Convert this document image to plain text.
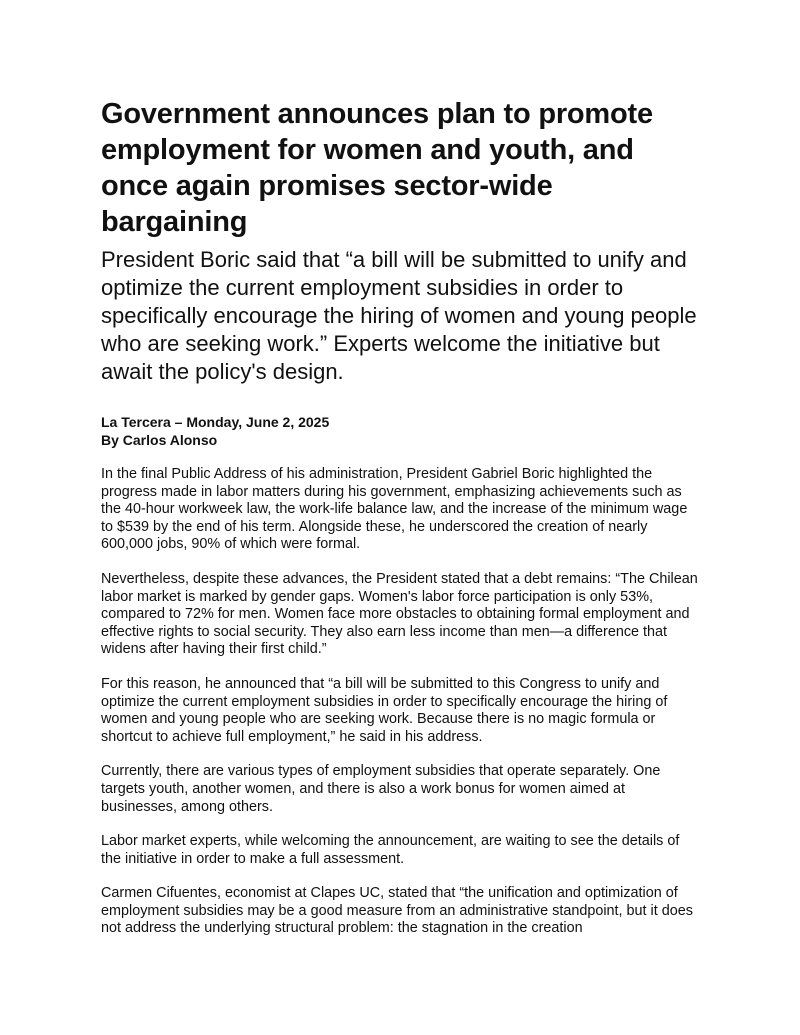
Government announces plan to promote employment for women and youth, and once again promises sector-wide bargaining
President Boric said that “a bill will be submitted to unify and optimize the current employment subsidies in order to specifically encourage the hiring of women and young people who are seeking work.” Experts welcome the initiative but await the policy's design.
La Tercera – Monday, June 2, 2025
By Carlos Alonso

In the final Public Address of his administration, President Gabriel Boric highlighted the progress made in labor matters during his government, emphasizing achievements such as the 40-hour workweek law, the work-life balance law, and the increase of the minimum wage to $539 by the end of his term. Alongside these, he underscored the creation of nearly 600,000 jobs, 90% of which were formal.

Nevertheless, despite these advances, the President stated that a debt remains: “The Chilean labor market is marked by gender gaps. Women's labor force participation is only 53%, compared to 72% for men. Women face more obstacles to obtaining formal employment and effective rights to social security. They also earn less income than men—a difference that widens after having their first child.”

For this reason, he announced that “a bill will be submitted to this Congress to unify and optimize the current employment subsidies in order to specifically encourage the hiring of women and young people who are seeking work. Because there is no magic formula or shortcut to achieve full employment,” he said in his address.

Currently, there are various types of employment subsidies that operate separately. One targets youth, another women, and there is also a work bonus for women aimed at businesses, among others.

Labor market experts, while welcoming the announcement, are waiting to see the details of the initiative in order to make a full assessment.

Carmen Cifuentes, economist at Clapes UC, stated that “the unification and optimization of employment subsidies may be a good measure from an administrative standpoint, but it does not address the underlying structural problem: the stagnation in the creation
